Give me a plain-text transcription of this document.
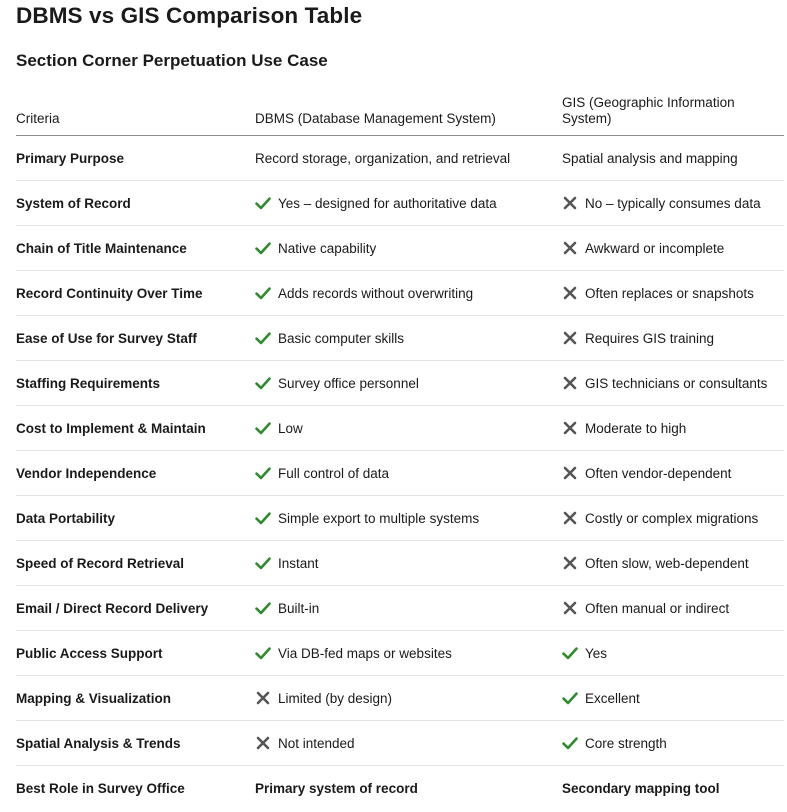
DBMS vs GIS Comparison Table
Section Corner Perpetuation Use Case
Criteria	DBMS (Database Management System)	GIS (Geographic Information System)
Primary Purpose	Record storage, organization, and retrieval	Spatial analysis and mapping

System of Record	Yes – designed for authoritative data	No – typically consumes data

Chain of Title Maintenance	Native capability	Awkward or incomplete

Record Continuity Over Time	Adds records without overwriting	Often replaces or snapshots

Ease of Use for Survey Staff	Basic computer skills	Requires GIS training

Staffing Requirements	Survey office personnel	GIS technicians or consultants

Cost to Implement & Maintain	Low	Moderate to high

Vendor Independence	Full control of data	Often vendor-dependent

Data Portability	Simple export to multiple systems	Costly or complex migrations

Speed of Record Retrieval	Instant	Often slow, web-dependent

Email / Direct Record Delivery	Built-in	Often manual or indirect

Public Access Support	Via DB-fed maps or websites	Yes

Mapping & Visualization	Limited (by design)	Excellent

Spatial Analysis & Trends	Not intended	Core strength

Best Role in Survey Office	Primary system of record	Secondary mapping tool
